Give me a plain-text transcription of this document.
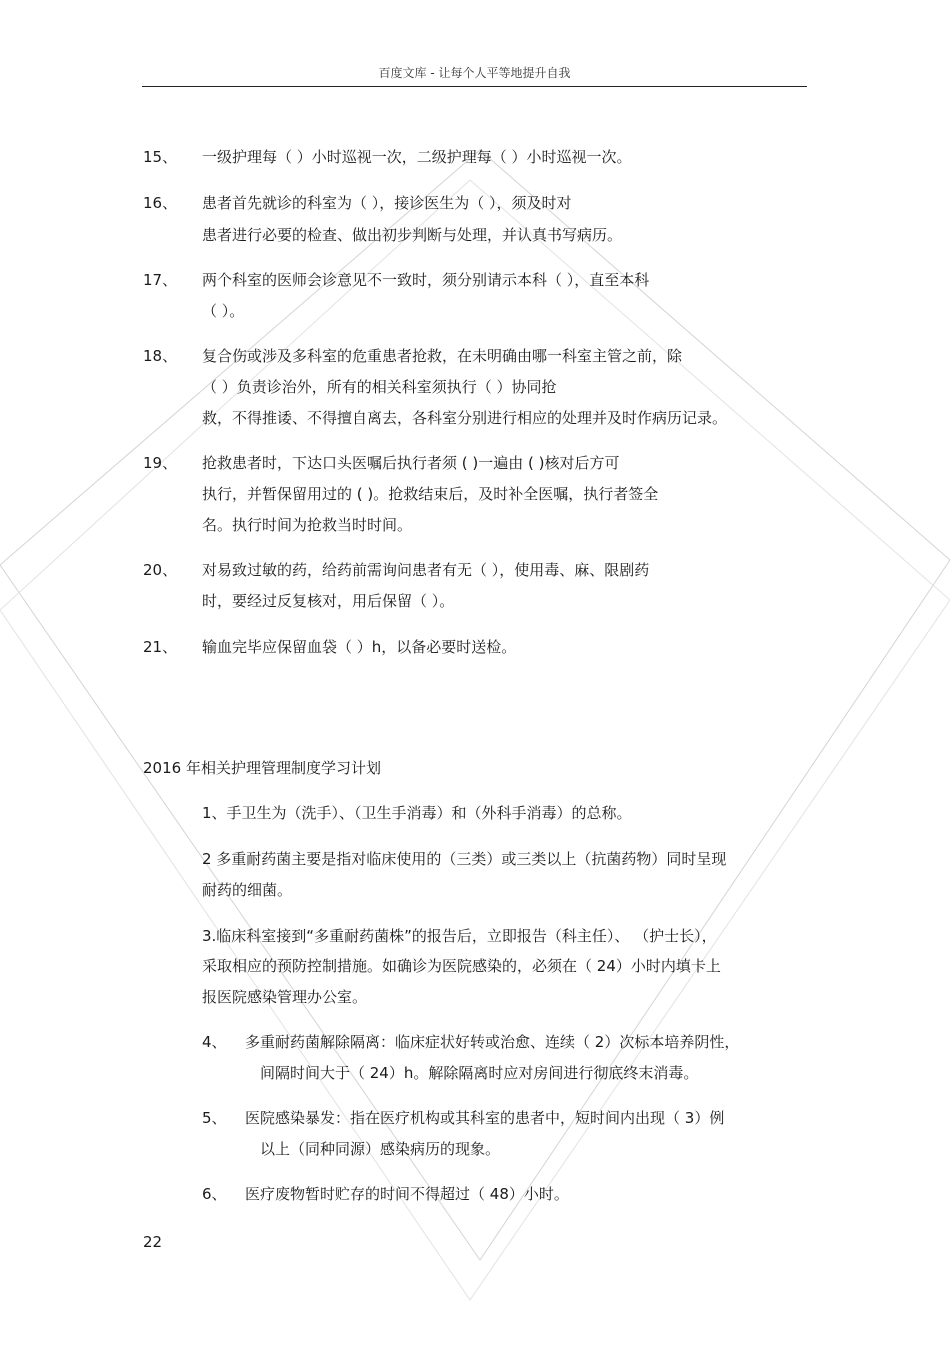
百度文库 - 让每个人平等地提升自我
15、 一级护理每（ ）小时巡视一次，二级护理每（ ）小时巡视一次。
16、 患者首先就诊的科室为（ ），接诊医生为（ ），须及时对
患者进行必要的检查、做出初步判断与处理，并认真书写病历。
17、 两个科室的医师会诊意见不一致时，须分别请示本科（ ），直至本科
（ ）。
18、 复合伤或涉及多科室的危重患者抢救，在未明确由哪一科室主管之前，除
（ ）负责诊治外，所有的相关科室须执行（ ）协同抢
救，不得推诿、不得擅自离去，各科室分别进行相应的处理并及时作病历记录。
19、 抢救患者时，下达口头医嘱后执行者须 ( )一遍由 ( )核对后方可
执行，并暂保留用过的 ( )。抢救结束后，及时补全医嘱，执行者签全
名。执行时间为抢救当时时间。
20、 对易致过敏的药，给药前需询问患者有无（ ），使用毒、麻、限剧药
时，要经过反复核对，用后保留（ ）。
21、 输血完毕应保留血袋（ ）h，以备必要时送检。
2016 年相关护理管理制度学习计划
1、手卫生为（洗手）、（卫生手消毒）和（外科手消毒）的总称。
2 多重耐药菌主要是指对临床使用的（三类）或三类以上（抗菌药物）同时呈现
耐药的细菌。
3.临床科室接到“多重耐药菌株”的报告后，立即报告（科主任）、 （护士长），
采取相应的预防控制措施。如确诊为医院感染的，必须在（ 24）小时内填卡上
报医院感染管理办公室。
4、 多重耐药菌解除隔离：临床症状好转或治愈、连续（ 2）次标本培养阴性，
间隔时间大于（ 24）h。解除隔离时应对房间进行彻底终末消毒。
5、 医院感染暴发：指在医疗机构或其科室的患者中，短时间内出现（ 3）例
以上（同种同源）感染病历的现象。
6、 医疗废物暂时贮存的时间不得超过（ 48）小时。
22
